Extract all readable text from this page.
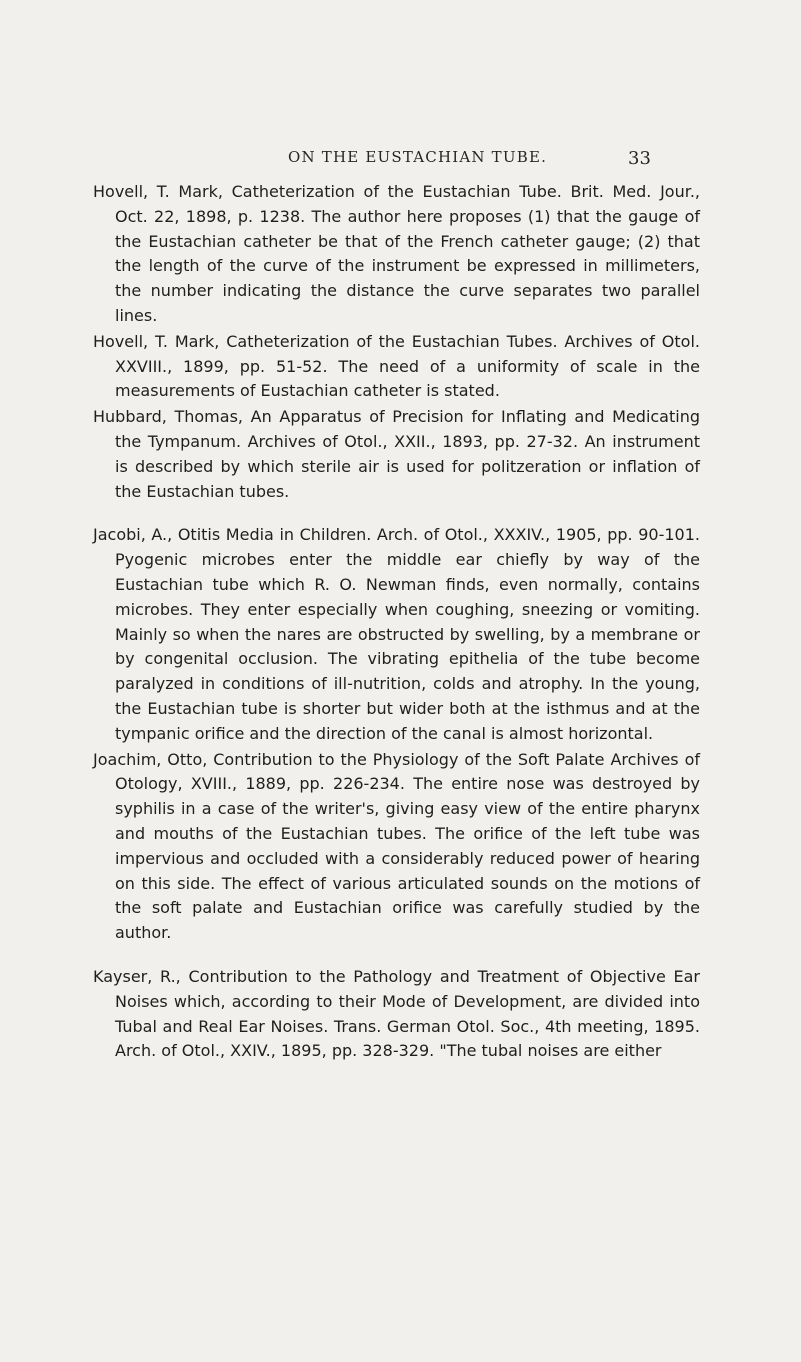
ON THE EUSTACHIAN TUBE.	33

Hovell, T. Mark, Catheterization of the Eustachian Tube. Brit. Med. Jour., Oct. 22, 1898, p. 1238. The author here proposes (1) that the gauge of the Eustachian catheter be that of the French catheter gauge; (2) that the length of the curve of the instrument be expressed in millimeters, the number indicating the distance the curve separates two parallel lines.

Hovell, T. Mark, Catheterization of the Eustachian Tubes. Archives of Otol. XXVIII., 1899, pp. 51-52. The need of a uniformity of scale in the measurements of Eustachian catheter is stated.

Hubbard, Thomas, An Apparatus of Precision for Inflating and Medicating the Tympanum. Archives of Otol., XXII., 1893, pp. 27-32. An instrument is described by which sterile air is used for politzeration or inflation of the Eustachian tubes.

Jacobi, A., Otitis Media in Children. Arch. of Otol., XXXIV., 1905, pp. 90-101. Pyogenic microbes enter the middle ear chiefly by way of the Eustachian tube which R. O. Newman finds, even normally, contains microbes. They enter especially when coughing, sneezing or vomiting. Mainly so when the nares are obstructed by swelling, by a membrane or by congenital occlusion. The vibrating epithelia of the tube become paralyzed in conditions of ill-nutrition, colds and atrophy. In the young, the Eustachian tube is shorter but wider both at the isthmus and at the tympanic orifice and the direction of the canal is almost horizontal.

Joachim, Otto, Contribution to the Physiology of the Soft Palate Archives of Otology, XVIII., 1889, pp. 226-234. The entire nose was destroyed by syphilis in a case of the writer's, giving easy view of the entire pharynx and mouths of the Eustachian tubes. The orifice of the left tube was impervious and occluded with a considerably reduced power of hearing on this side. The effect of various articulated sounds on the motions of the soft palate and Eustachian orifice was carefully studied by the author.

Kayser, R., Contribution to the Pathology and Treatment of Objective Ear Noises which, according to their Mode of Development, are divided into Tubal and Real Ear Noises. Trans. German Otol. Soc., 4th meeting, 1895. Arch. of Otol., XXIV., 1895, pp. 328-329. "The tubal noises are either
